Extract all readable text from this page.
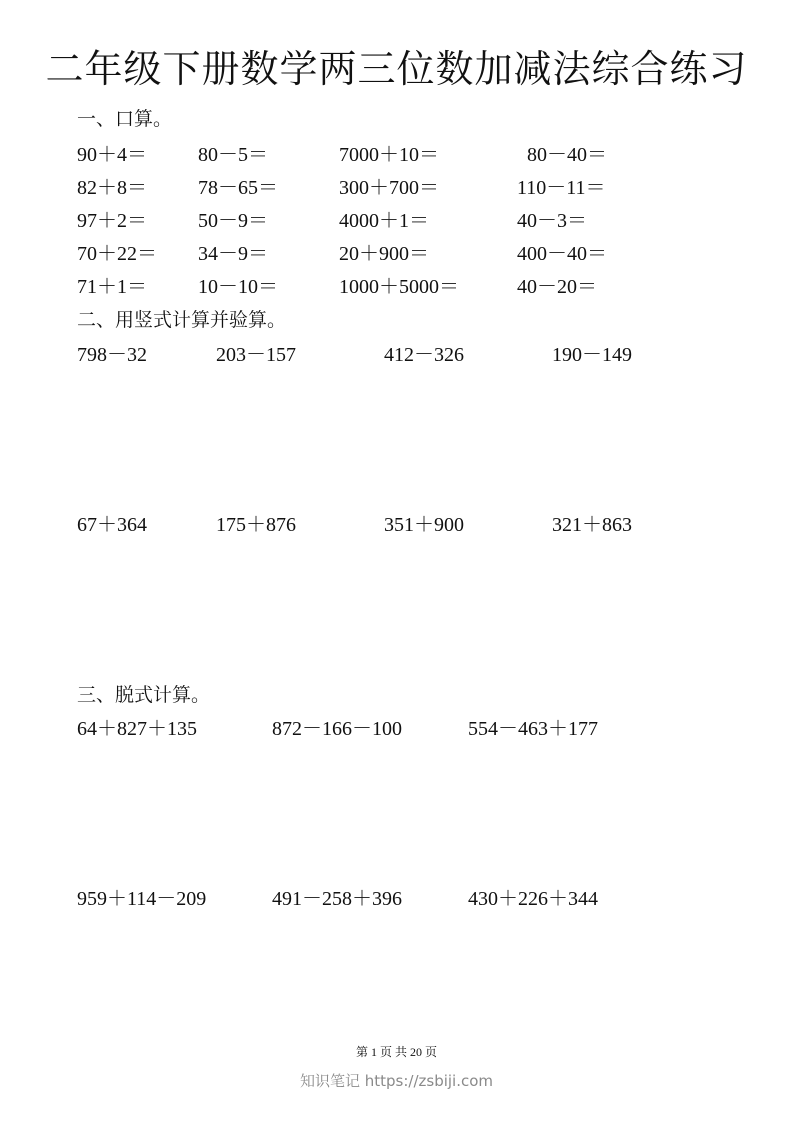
二年级下册数学两三位数加减法综合练习
一、口算。
90＋4＝	80－5＝	7000＋10＝	80－40＝
82＋8＝	78－65＝	300＋700＝	110－11＝
97＋2＝	50－9＝	4000＋1＝	40－3＝
70＋22＝ 34－9＝	20＋900＝	400－40＝
71＋1＝	10－10＝	1000＋5000＝	40－20＝
二、用竖式计算并验算。
798－32	203－157	412－326	190－149
67＋364	175＋876	351＋900	321＋863
三、脱式计算。
64＋827＋135	872－166－100	554－463＋177
959＋114－209	491－258＋396	430＋226＋344
第 1 页 共 20 页
知识笔记 https://zsbiji.com
